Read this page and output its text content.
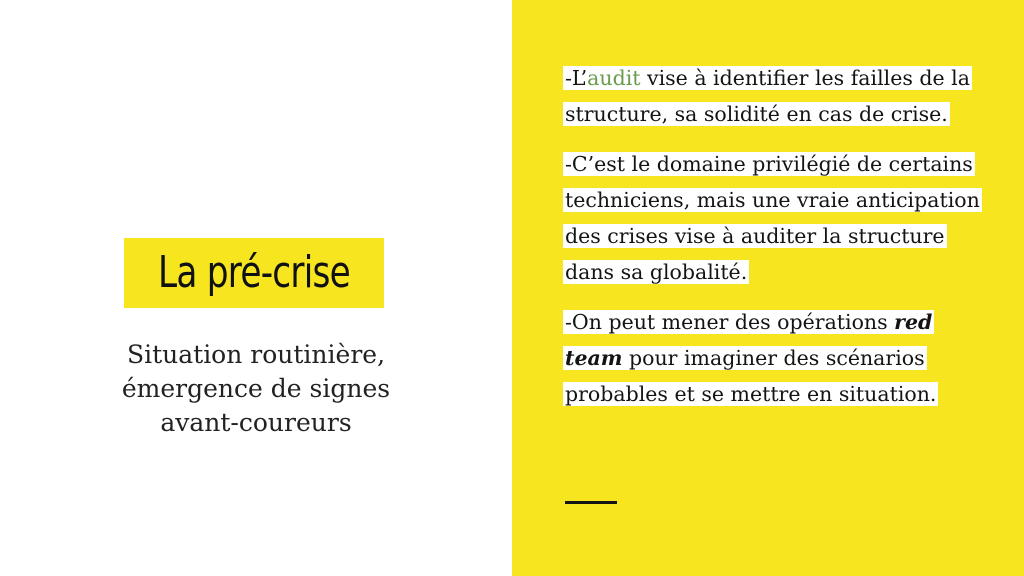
La pré-crise
Situation routinière, émergence de signes avant-coureurs

-L’audit vise à identifier les failles de la structure, sa solidité en cas de crise.

-C’est le domaine privilégié de certains techniciens, mais une vraie anticipation des crises vise à auditer la structure dans sa globalité.

-On peut mener des opérations red team pour imaginer des scénarios probables et se mettre en situation.
